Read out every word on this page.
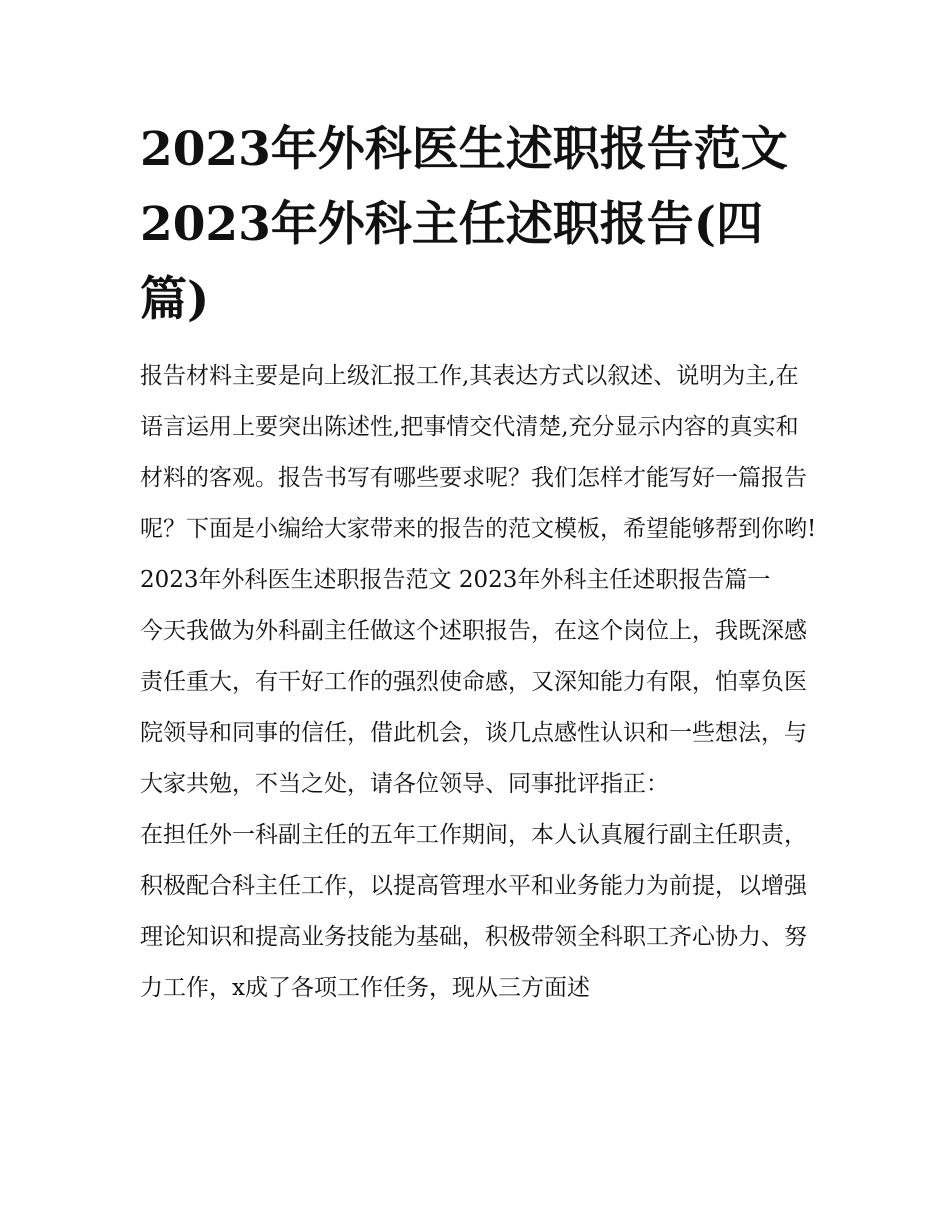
2023年外科医生述职报告范文
2023年外科主任述职报告(四
篇)

报告材料主要是向上级汇报工作,其表达方式以叙述、说明为主,在语言运用上要突出陈述性,把事情交代清楚,充分显示内容的真实和材料的客观。报告书写有哪些要求呢？我们怎样才能写好一篇报告呢？下面是小编给大家带来的报告的范文模板，希望能够帮到你哟!

2023年外科医生述职报告范文 2023年外科主任述职报告篇一

今天我做为外科副主任做这个述职报告，在这个岗位上，我既深感责任重大，有干好工作的强烈使命感，又深知能力有限，怕辜负医院领导和同事的信任，借此机会，谈几点感性认识和一些想法，与大家共勉，不当之处，请各位领导、同事批评指正：

在担任外一科副主任的五年工作期间，本人认真履行副主任职责，积极配合科主任工作，以提高管理水平和业务能力为前提，以增强理论知识和提高业务技能为基础，积极带领全科职工齐心协力、努力工作，x成了各项工作任务，现从三方面述
